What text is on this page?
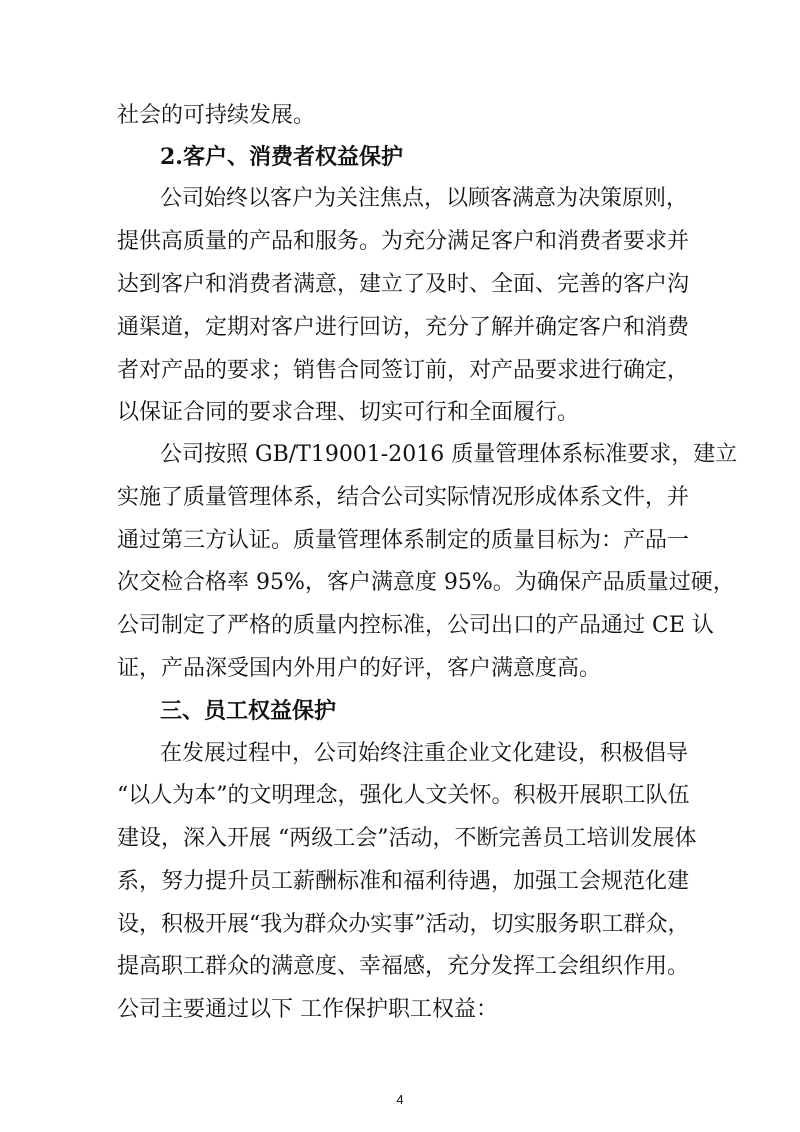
社会的可持续发展。

2.客户、消费者权益保护

公司始终以客户为关注焦点，以顾客满意为决策原则，

提供高质量的产品和服务。为充分满足客户和消费者要求并

达到客户和消费者满意，建立了及时、全面、完善的客户沟

通渠道，定期对客户进行回访，充分了解并确定客户和消费

者对产品的要求；销售合同签订前，对产品要求进行确定，

以保证合同的要求合理、切实可行和全面履行。

公司按照 GB/T19001-2016 质量管理体系标准要求，建立

实施了质量管理体系，结合公司实际情况形成体系文件，并

通过第三方认证。质量管理体系制定的质量目标为：产品一

次交检合格率 95%，客户满意度 95%。为确保产品质量过硬，

公司制定了严格的质量内控标准，公司出口的产品通过 CE 认

证，产品深受国内外用户的好评，客户满意度高。

三、员工权益保护

在发展过程中，公司始终注重企业文化建设，积极倡导

“以人为本”的文明理念，强化人文关怀。积极开展职工队伍

建设，深入开展 “两级工会”活动，不断完善员工培训发展体

系，努力提升员工薪酬标准和福利待遇，加强工会规范化建

设，积极开展“我为群众办实事”活动，切实服务职工群众，

提高职工群众的满意度、幸福感，充分发挥工会组织作用。

公司主要通过以下 工作保护职工权益：

4
